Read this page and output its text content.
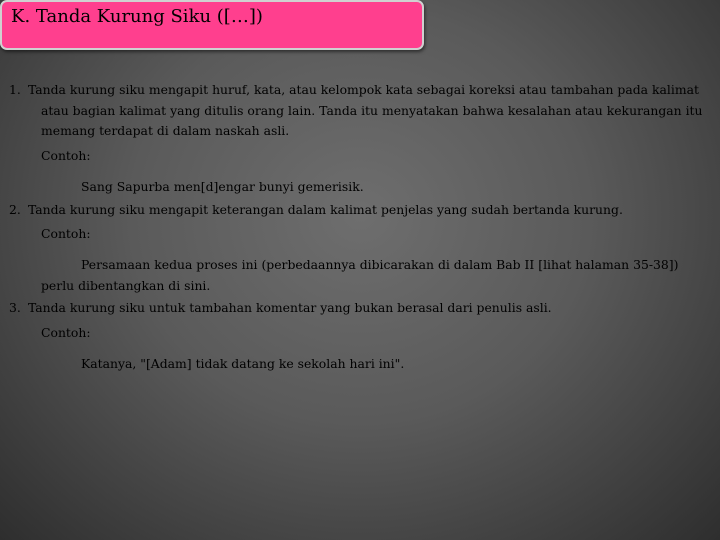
K. Tanda Kurung Siku ([…])

1. Tanda kurung siku mengapit huruf, kata, atau kelompok kata sebagai koreksi atau tambahan pada kalimat atau bagian kalimat yang ditulis orang lain. Tanda itu menyatakan bahwa kesalahan atau kekurangan itu memang terdapat di dalam naskah asli.

Contoh:

Sang Sapurba men[d]engar bunyi gemerisik.

2. Tanda kurung siku mengapit keterangan dalam kalimat penjelas yang sudah bertanda kurung.

Contoh:

Persamaan kedua proses ini (perbedaannya dibicarakan di dalam Bab II [lihat halaman 35-38]) perlu dibentangkan di sini.

3. Tanda kurung siku untuk tambahan komentar yang bukan berasal dari penulis asli.

Contoh:

Katanya, "[Adam] tidak datang ke sekolah hari ini".
